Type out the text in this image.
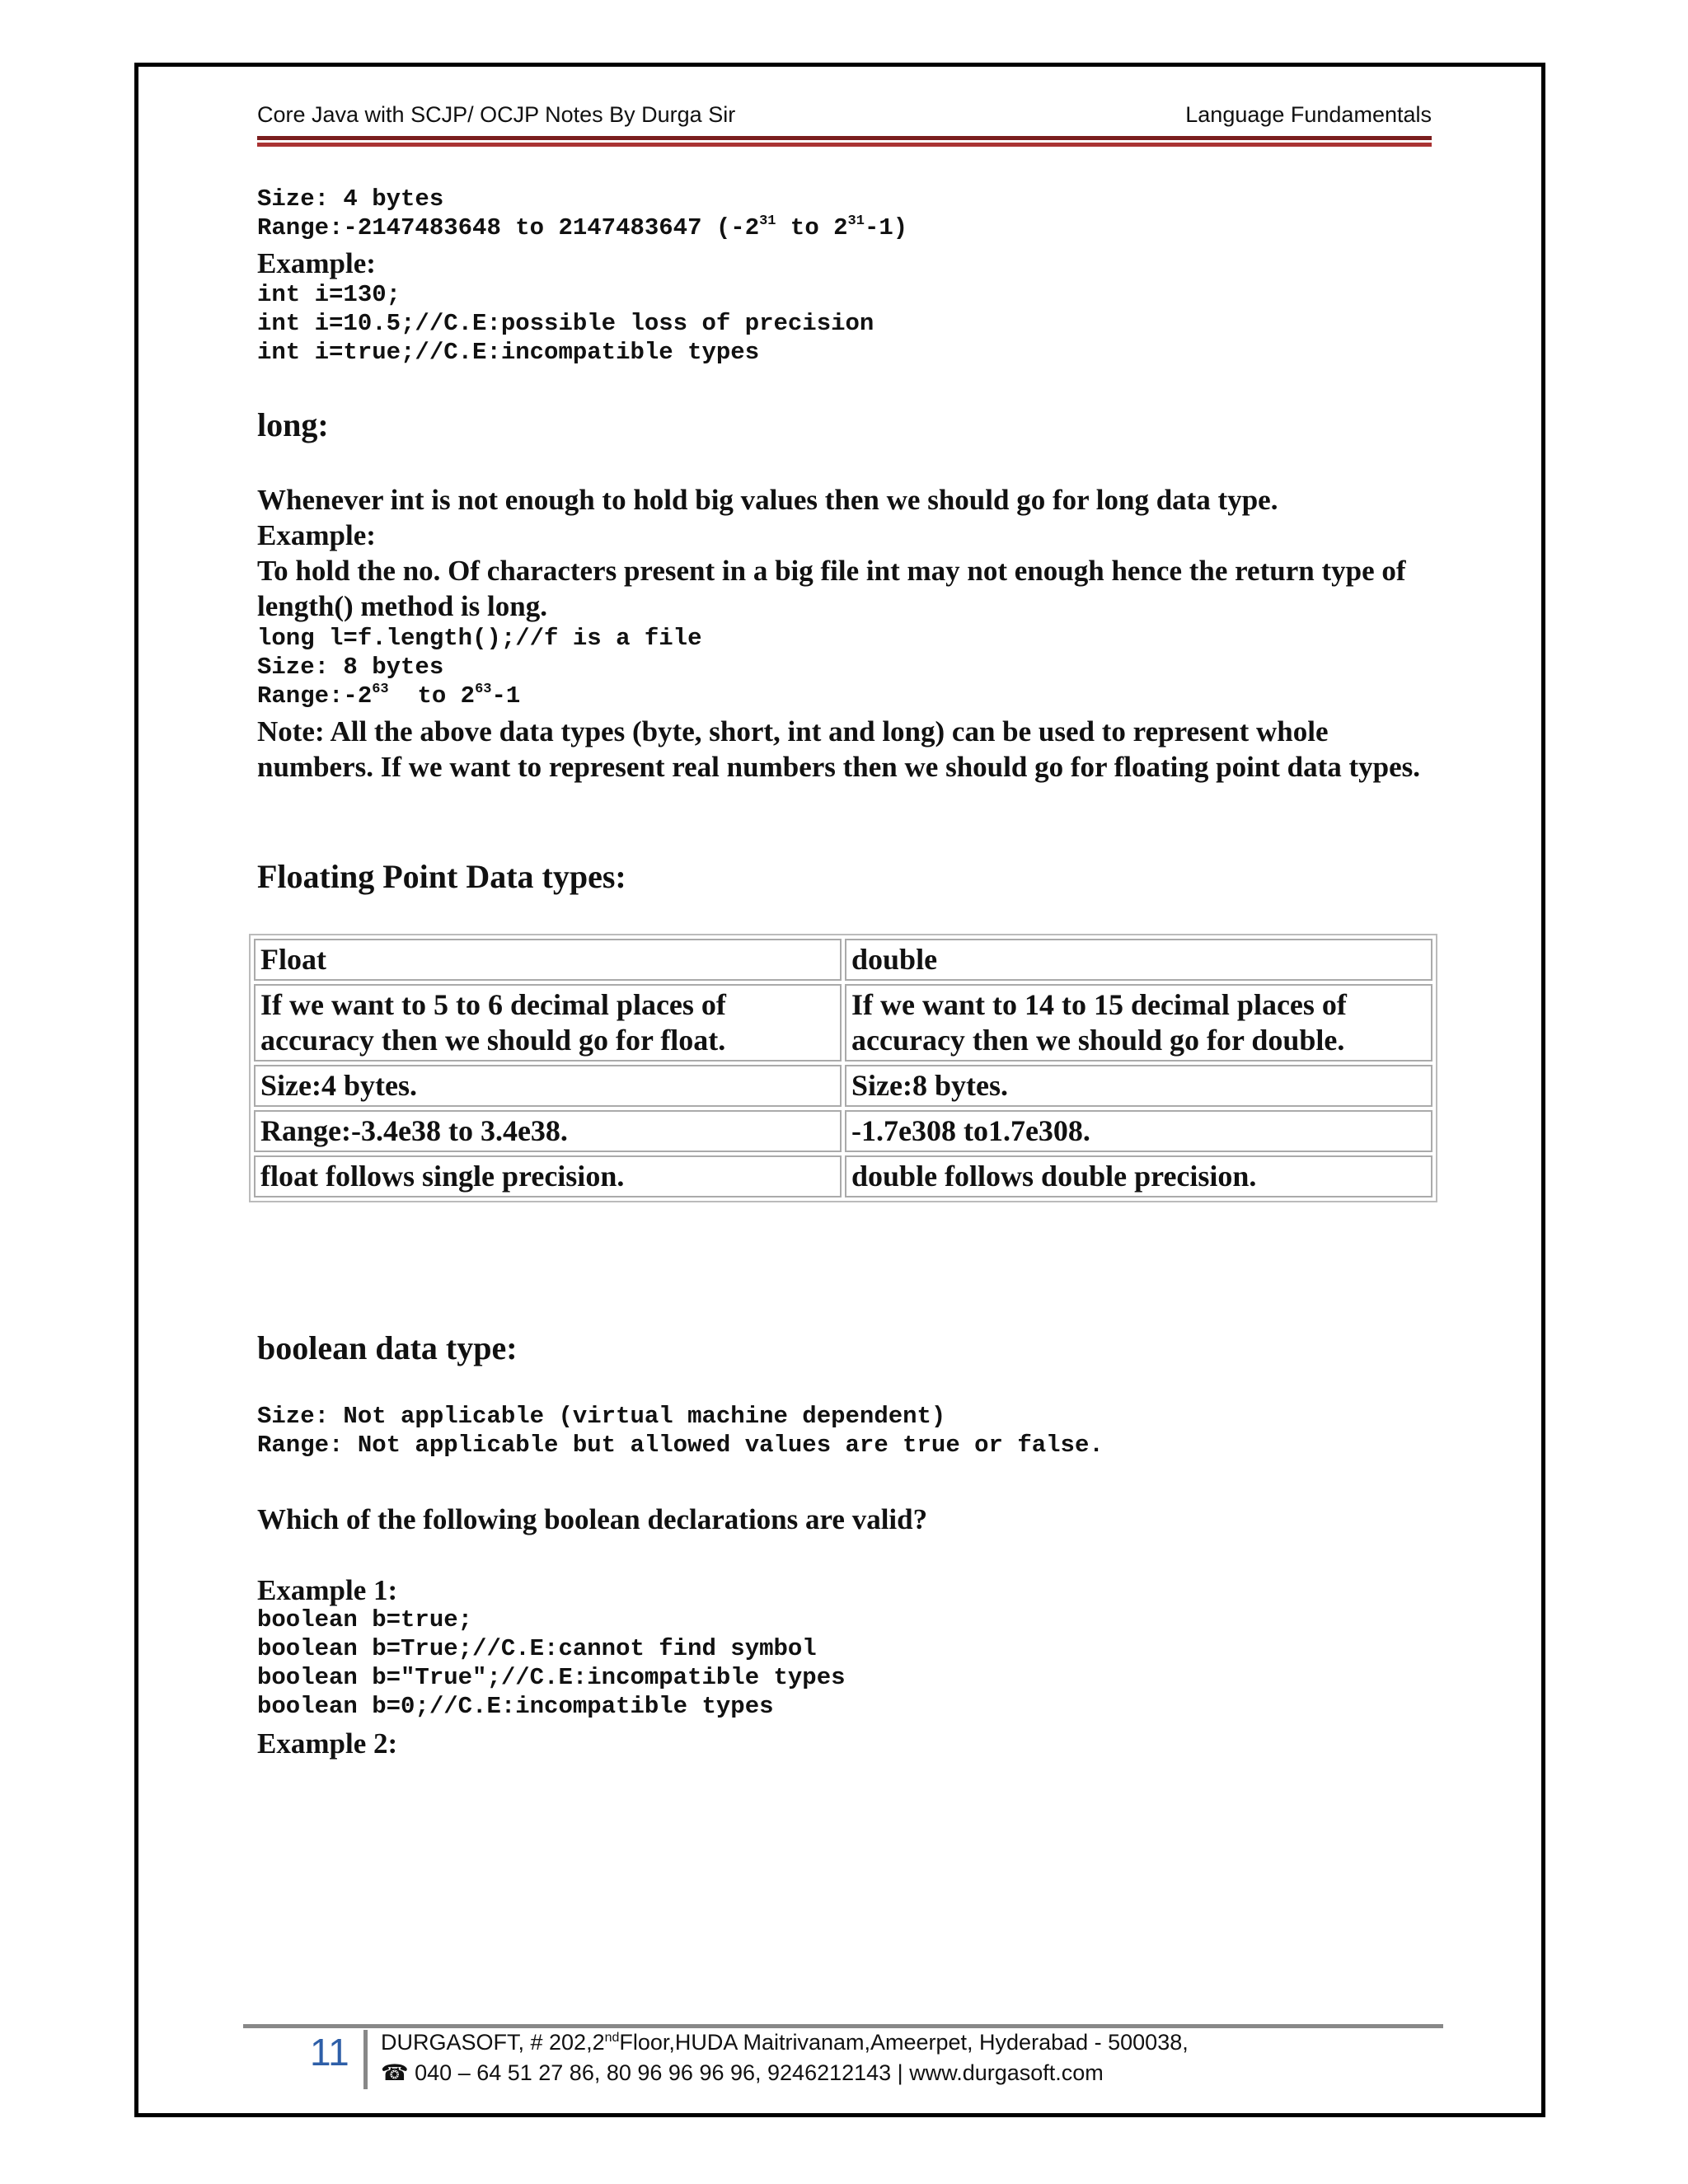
Core Java with SCJP/ OCJP Notes By Durga Sir	Language Fundamentals
Size: 4 bytes
Range:-2147483648 to 2147483647 ($-2^{31}$ to $2^{31}-1$)
Example:
int i=130;
int i=10.5;//C.E:possible loss of precision
int i=true;//C.E:incompatible types
long:
Whenever int is not enough to hold big values then we should go for long data type.
Example:
To hold the no. Of characters present in a big file int may not enough hence the return type of length() method is long.
long l=f.length();//f is a file
Size: 8 bytes
$Range:-2^{63}$  to $2^{63}-1$
Note: All the above data types (byte, short, int and long) can be used to represent whole numbers. If we want to represent real numbers then we should go for floating point data types.
Floating Point Data types:
Float	double
If we want to 5 to 6 decimal places of accuracy then we should go for float.	If we want to 14 to 15 decimal places of accuracy then we should go for double.
Size:4 bytes.	Size:8 bytes.
Range:-3.4e38 to 3.4e38.	-1.7e308 to1.7e308.
float follows single precision.	double follows double precision.
boolean data type:
Size: Not applicable (virtual machine dependent)
Range: Not applicable but allowed values are true or false.
Which of the following boolean declarations are valid?
Example 1:
boolean b=true;
boolean b=True;//C.E:cannot find symbol
boolean b="True";//C.E:incompatible types
boolean b=0;//C.E:incompatible types
Example 2:
11 DURGASOFT, # 202,2ndFloor,HUDA Maitrivanam,Ameerpet, Hyderabad - 500038,
☎ 040 – 64 51 27 86, 80 96 96 96 96, 9246212143 | www.durgasoft.com
